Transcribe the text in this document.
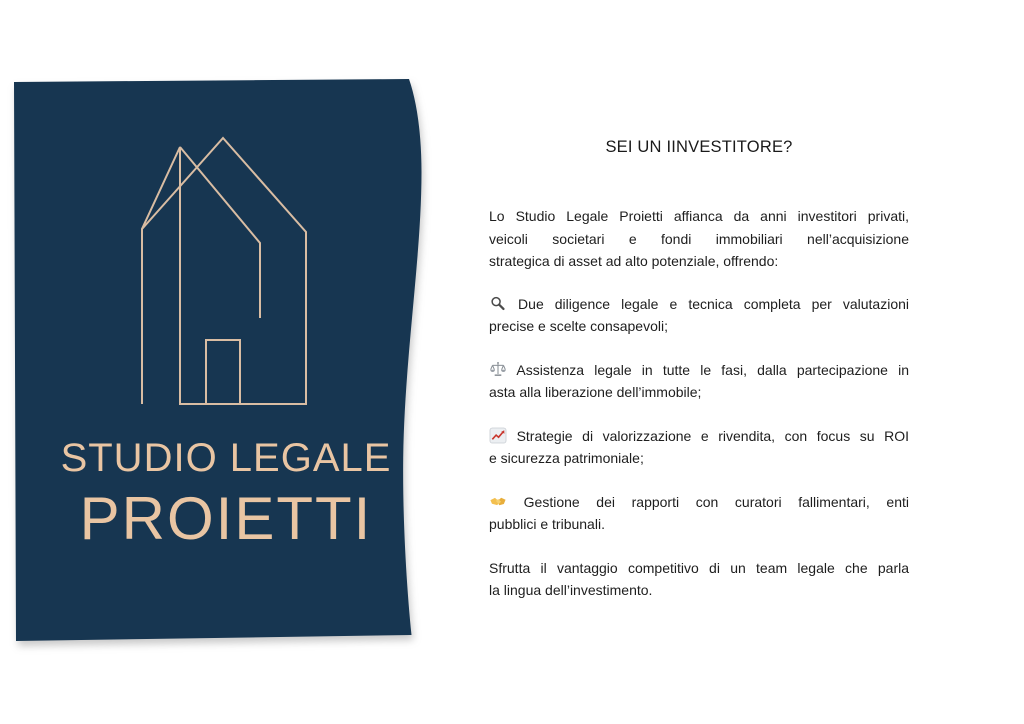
STUDIO LEGALE
PROIETTI
SEI UN IINVESTITORE?
Lo Studio Legale Proietti affianca da anni investitori privati,
veicoli societari e fondi immobiliari nell’acquisizione
strategica di asset ad alto potenziale, offrendo:
Due diligence legale e tecnica completa per valutazioni
precise e scelte consapevoli;
Assistenza legale in tutte le fasi, dalla partecipazione in
asta alla liberazione dell’immobile;
Strategie di valorizzazione e rivendita, con focus su ROI
e sicurezza patrimoniale;
Gestione dei rapporti con curatori fallimentari, enti
pubblici e tribunali.
Sfrutta il vantaggio competitivo di un team legale che parla
la lingua dell’investimento.
